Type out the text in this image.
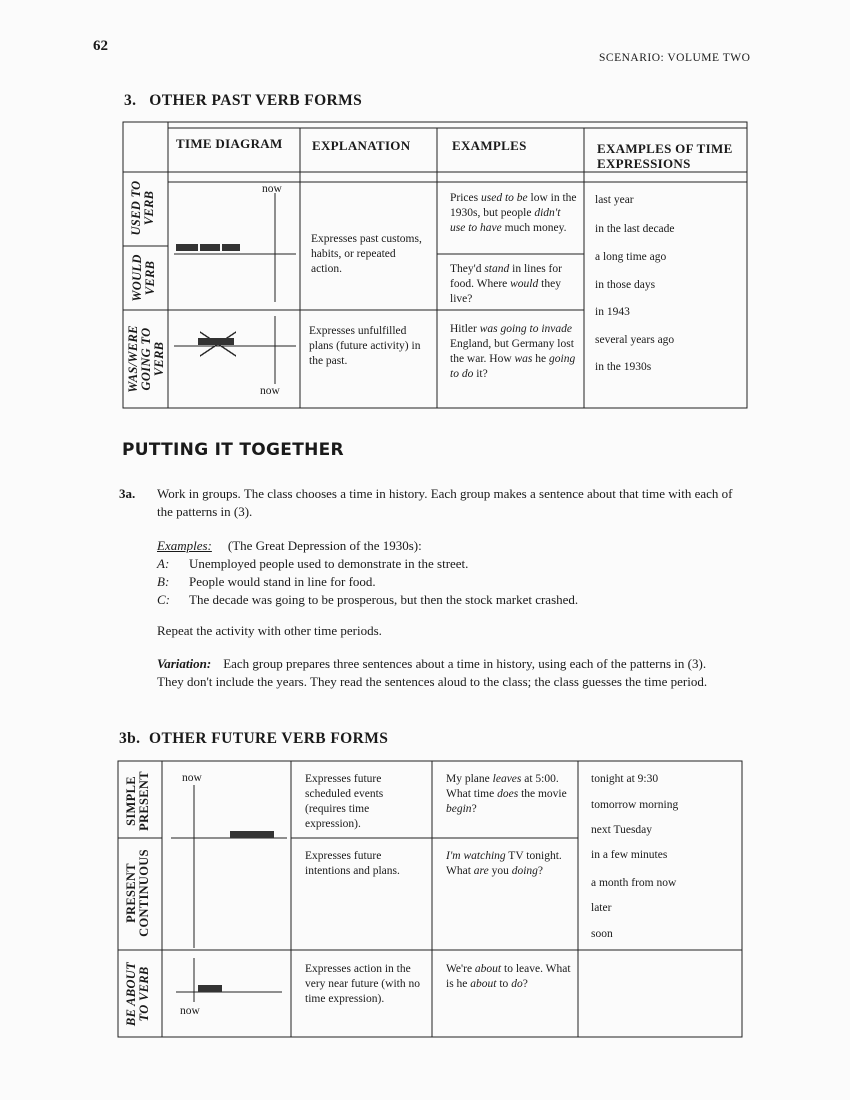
62
SCENARIO: VOLUME TWO
3.   OTHER PAST VERB FORMS
TIME DIAGRAM EXPLANATION	EXAMPLES	EXAMPLES OF TIME EXPRESSIONS
USED TO VERB
WOULD VERB
WAS/WERE GOING TO VERB
now
now
Expresses past customs, habits, or repeated action.
Expresses unfulfilled plans (future activity) in the past.
Prices used to be low in the 1930s, but people didn't use to have much money.
They'd stand in lines for food. Where would they live?
Hitler was going to invade England, but Germany lost the war. How was he going to do it?
last year
in the last decade
a long time ago
in those days
in 1943
several years ago
in the 1930s
PUTTING IT TOGETHER
3a. Work in groups. The class chooses a time in history. Each group makes a sentence about that time with each of the patterns in (3).
Examples: (The Great Depression of the 1930s):
A: Unemployed people used to demonstrate in the street.
B: People would stand in line for food.
C: The decade was going to be prosperous, but then the stock market crashed.
Repeat the activity with other time periods.
Variation: Each group prepares three sentences about a time in history, using each of the patterns in (3). They don't include the years. They read the sentences aloud to the class; the class guesses the time period.
3b.  OTHER FUTURE VERB FORMS
SIMPLE PRESENT
PRESENT CONTINUOUS
BE ABOUT TO VERB
now
now
Expresses future scheduled events (requires time expression).
Expresses future intentions and plans.
Expresses action in the very near future (with no time expression).
My plane leaves at 5:00. What time does the movie begin?
I'm watching TV tonight. What are you doing?
We're about to leave. What is he about to do?
tonight at 9:30
tomorrow morning
next Tuesday
in a few minutes
a month from now
later
soon
